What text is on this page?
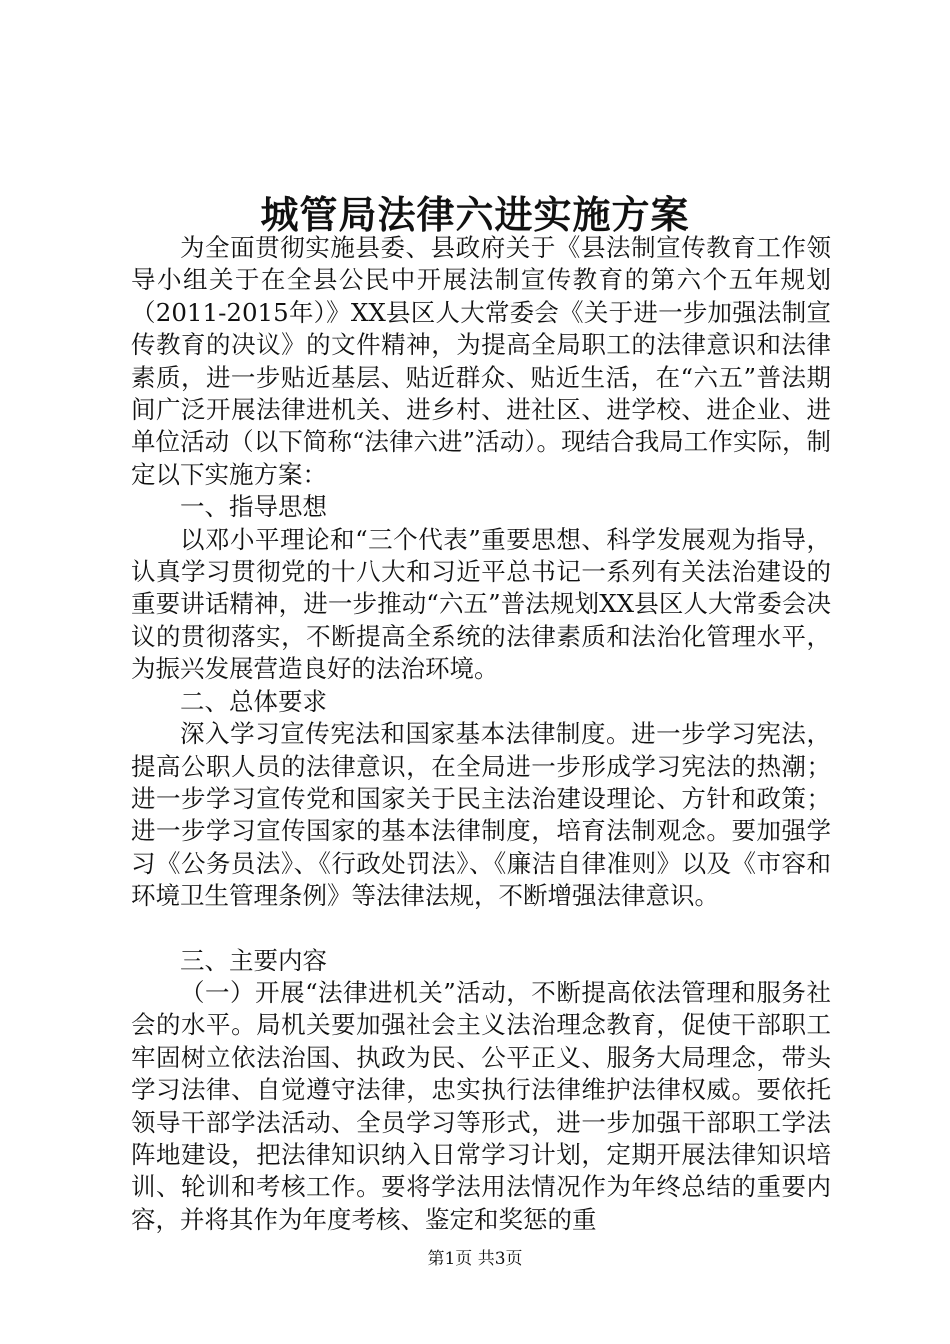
城管局法律六进实施方案

为全面贯彻实施县委、县政府关于《县法制宣传教育工作领导小组关于在全县公民中开展法制宣传教育的第六个五年规划（2011-2015年）》XX县区人大常委会《关于进一步加强法制宣传教育的决议》的文件精神，为提高全局职工的法律意识和法律素质，进一步贴近基层、贴近群众、贴近生活，在“六五”普法期间广泛开展法律进机关、进乡村、进社区、进学校、进企业、进单位活动（以下简称“法律六进”活动）。现结合我局工作实际，制定以下实施方案：

一、指导思想

以邓小平理论和“三个代表”重要思想、科学发展观为指导，认真学习贯彻党的十八大和习近平总书记一系列有关法治建设的重要讲话精神，进一步推动“六五”普法规划XX县区人大常委会决议的贯彻落实，不断提高全系统的法律素质和法治化管理水平，为振兴发展营造良好的法治环境。

二、总体要求

深入学习宣传宪法和国家基本法律制度。进一步学习宪法，提高公职人员的法律意识，在全局进一步形成学习宪法的热潮；进一步学习宣传党和国家关于民主法治建设理论、方针和政策；进一步学习宣传国家的基本法律制度，培育法制观念。要加强学习《公务员法》、《行政处罚法》、《廉洁自律准则》以及《市容和环境卫生管理条例》等法律法规，不断增强法律意识。

三、主要内容

（一）开展“法律进机关”活动，不断提高依法管理和服务社会的水平。局机关要加强社会主义法治理念教育，促使干部职工牢固树立依法治国、执政为民、公平正义、服务大局理念，带头学习法律、自觉遵守法律，忠实执行法律维护法律权威。要依托领导干部学法活动、全员学习等形式，进一步加强干部职工学法阵地建设，把法律知识纳入日常学习计划，定期开展法律知识培训、轮训和考核工作。要将学法用法情况作为年终总结的重要内容，并将其作为年度考核、鉴定和奖惩的重

第1页 共3页
